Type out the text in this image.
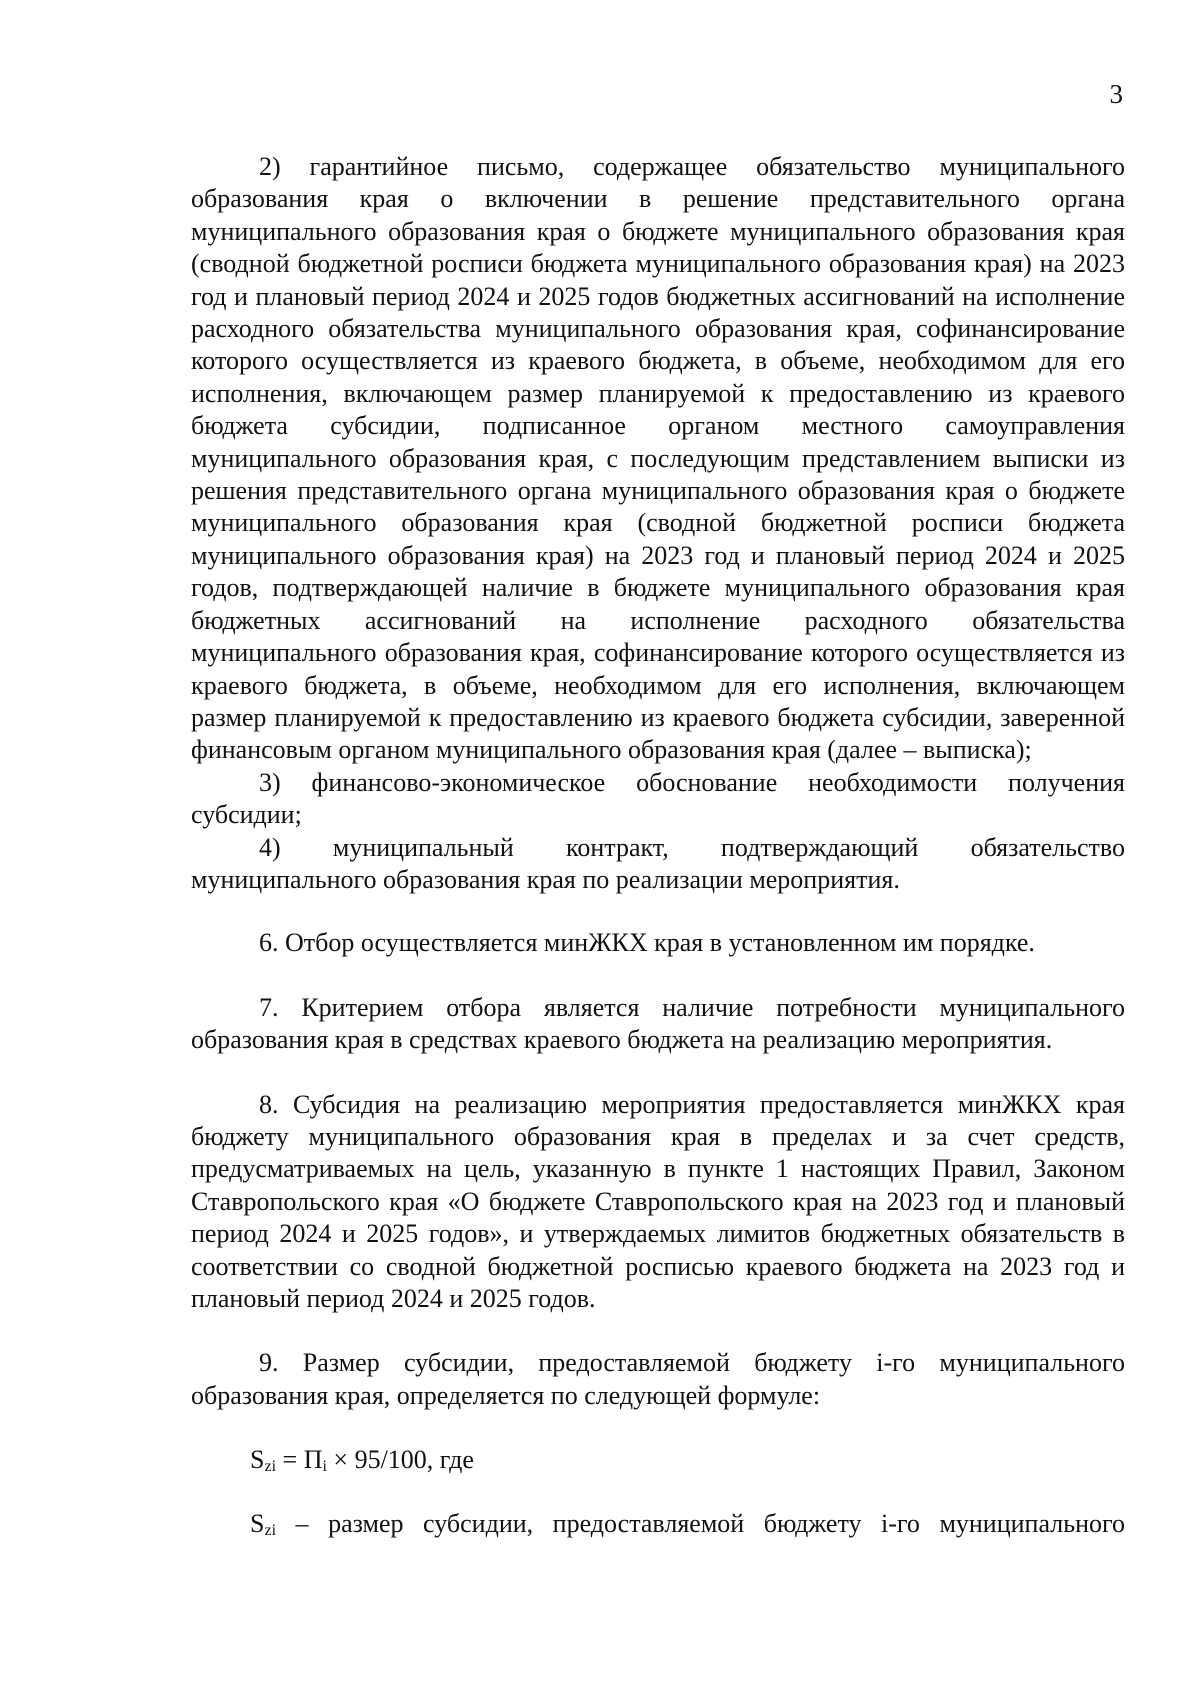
3

2) гарантийное письмо, содержащее обязательство муниципального образования края о включении в решение представительного органа муниципального образования края о бюджете муниципального образования края (сводной бюджетной росписи бюджета муниципального образования края) на 2023 год и плановый период 2024 и 2025 годов бюджетных ассигнований на исполнение расходного обязательства муниципального образования края, софинансирование которого осуществляется из краевого бюджета, в объеме, необходимом для его исполнения, включающем размер планируемой к предоставлению из краевого бюджета субсидии, подписанное органом местного самоуправления муниципального образования края, с последующим представлением выписки из решения представительного органа муниципального образования края о бюджете муниципального образования края (сводной бюджетной росписи бюджета муниципального образования края) на 2023 год и плановый период 2024 и 2025 годов, подтверждающей наличие в бюджете муниципального образования края бюджетных ассигнований на исполнение расходного обязательства муниципального образования края, софинансирование которого осуществляется из краевого бюджета, в объеме, необходимом для его исполнения, включающем размер планируемой к предоставлению из краевого бюджета субсидии, заверенной финансовым органом муниципального образования края (далее – выписка);

3) финансово-экономическое обоснование необходимости получения субсидии;

4) муниципальный контракт, подтверждающий обязательство муниципального образования края по реализации мероприятия.

6. Отбор осуществляется минЖКХ края в установленном им порядке.

7. Критерием отбора является наличие потребности муниципального образования края в средствах краевого бюджета на реализацию мероприятия.

8. Субсидия на реализацию мероприятия предоставляется минЖКХ края бюджету муниципального образования края в пределах и за счет средств, предусматриваемых на цель, указанную в пункте 1 настоящих Правил, Законом Ставропольского края «О бюджете Ставропольского края на 2023 год и плановый период 2024 и 2025 годов», и утверждаемых лимитов бюджетных обязательств в соответствии со сводной бюджетной росписью краевого бюджета на 2023 год и плановый период 2024 и 2025 годов.

9. Размер субсидии, предоставляемой бюджету i-го муниципального образования края, определяется по следующей формуле:

Szi = Пi × 95/100, где

Szi – размер субсидии, предоставляемой бюджету i-го муниципального
